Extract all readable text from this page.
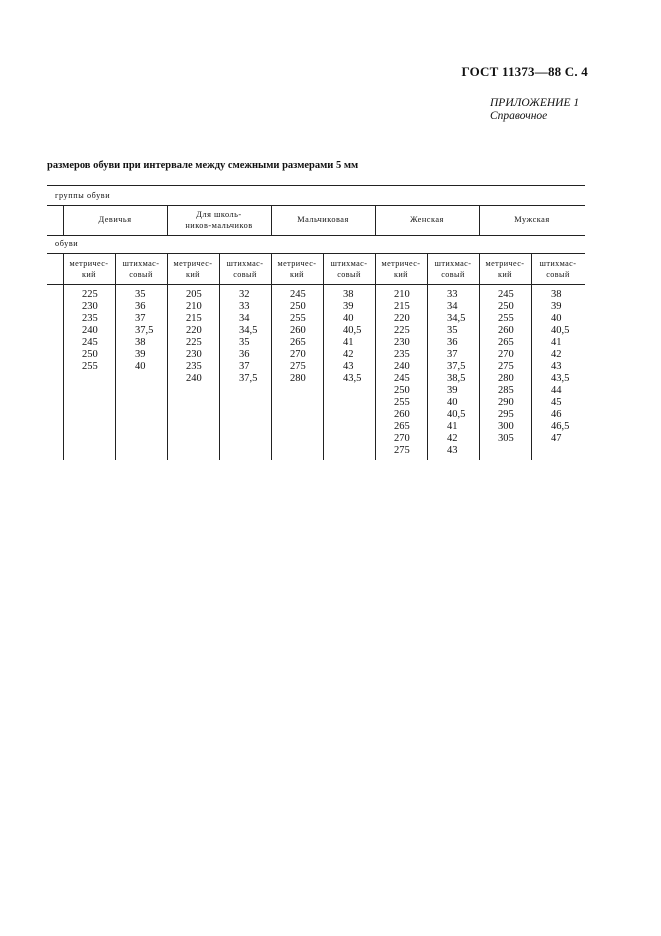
ГОСТ 11373—88 С. 4
ПРИЛОЖЕНИЕ 1
Справочное
размеров обуви при интервале между смежными размерами 5 мм
группы обуви
обуви
Девичья
Для школь-
ников-мальчиков
Мальчиковая	Женская	Мужская
метричес-
кий
штихмас-
совый
метричес-
кий
штихмас-
совый
метричес-
кий
штихмас-
совый
метричес-
кий
штихмас-
совый
метричес-
кий
штихмас-
совый
225
230
235
240
245
250
255
35
36
37
37,5
38
39
40
205
210
215
220
225
230
235
240
32
33
34
34,5
35
36
37
37,5
245
250
255
260
265
270
275
280
38
39
40
40,5
41
42
43
43,5
210
215
220
225
230
235
240
245
250
255
260
265
270
275
33
34
34,5
35
36
37
37,5
38,5
39
40
40,5
41
42
43
245
250
255
260
265
270
275
280
285
290
295
300
305
38
39
40
40,5
41
42
43
43,5
44
45
46
46,5
47
